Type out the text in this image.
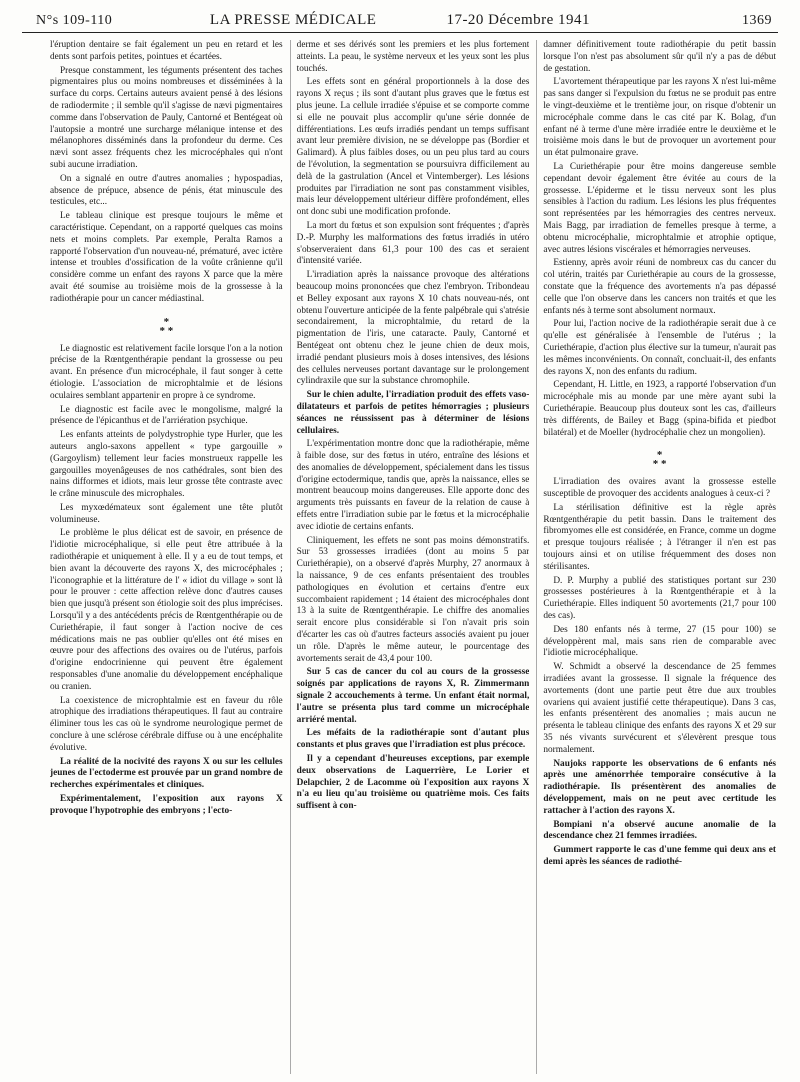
N°s 109-110	LA PRESSE MÉDICALE	17-20 Décembre 1941	1369

l'éruption dentaire se fait également un peu en retard et les dents sont parfois petites, pointues et écartées.

Presque constamment, les téguments présentent des taches pigmentaires plus ou moins nombreuses et disséminées à la surface du corps. Certains auteurs avaient pensé à des lésions de radiodermite ; il semble qu'il s'agisse de nævi pigmentaires comme dans l'observation de Pauly, Cantorné et Bentégeat où l'autopsie a montré une surcharge mélanique intense et des mélanophores disséminés dans la profondeur du derme. Ces nævi sont assez fréquents chez les microcéphales qui n'ont subi aucune irradiation.

On a signalé en outre d'autres anomalies ; hypospadias, absence de prépuce, absence de pénis, état minuscule des testicules, etc...

Le tableau clinique est presque toujours le même et caractéristique. Cependant, on a rapporté quelques cas moins nets et moins complets. Par exemple, Peralta Ramos a rapporté l'observation d'un nouveau-né, prématuré, avec ictère intense et troubles d'ossification de la voûte crânienne qu'il considère comme un enfant des rayons X parce que la mère avait été soumise au troisième mois de la grossesse à la radiothérapie pour un cancer médiastinal.

*
* *

Le diagnostic est relativement facile lorsque l'on a la notion précise de la Rœntgenthérapie pendant la grossesse ou peu avant. En présence d'un microcéphale, il faut songer à cette étiologie. L'association de microphtalmie et de lésions oculaires semblant appartenir en propre à ce syndrome.

Le diagnostic est facile avec le mongolisme, malgré la présence de l'épicanthus et de l'arriération psychique.

Les enfants atteints de polydystrophie type Hurler, que les auteurs anglo-saxons appellent « type gargouille » (Gargoylism) tellement leur facies monstrueux rappelle les gargouilles moyenâgeuses de nos cathédrales, sont bien des nains difformes et idiots, mais leur grosse tête contraste avec le crâne minuscule des microphales.

Les myxœdémateux sont également une tête plutôt volumineuse.

Le problème le plus délicat est de savoir, en présence de l'idiotie microcéphalique, si elle peut être attribuée à la radiothérapie et uniquement à elle. Il y a eu de tout temps, et bien avant la découverte des rayons X, des microcéphales ; l'iconographie et la littérature de l' « idiot du village » sont là pour le prouver : cette affection relève donc d'autres causes bien que jusqu'à présent son étiologie soit des plus imprécises. Lorsqu'il y a des antécédents précis de Rœntgenthérapie ou de Curiethérapie, il faut songer à l'action nocive de ces médications mais ne pas oublier qu'elles ont été mises en œuvre pour des affections des ovaires ou de l'utérus, parfois d'origine endocrinienne qui peuvent être également responsables d'une anomalie du développement encéphalique ou cranien.

La coexistence de microphtalmie est en faveur du rôle atrophique des irradiations thérapeutiques. Il faut au contraire éliminer tous les cas où le syndrome neurologique permet de conclure à une sclérose cérébrale diffuse ou à une encéphalite évolutive.

La réalité de la nocivité des rayons X ou sur les cellules jeunes de l'ectoderme est prouvée par un grand nombre de recherches expérimentales et cliniques.

Expérimentalement, l'exposition aux rayons X provoque l'hypotrophie des embryons ; l'ecto-

derme et ses dérivés sont les premiers et les plus fortement atteints. La peau, le système nerveux et les yeux sont les plus touchés.

Les effets sont en général proportionnels à la dose des rayons X reçus ; ils sont d'autant plus graves que le fœtus est plus jeune. La cellule irradiée s'épuise et se comporte comme si elle ne pouvait plus accomplir qu'une série donnée de différentiations. Les œufs irradiés pendant un temps suffisant avant leur première division, ne se développe pas (Bordier et Galimard). À plus faibles doses, ou un peu plus tard au cours de l'évolution, la segmentation se poursuivra difficilement au delà de la gastrulation (Ancel et Vintemberger). Les lésions produites par l'irradiation ne sont pas constamment visibles, mais leur développement ultérieur diffère profondément, elles ont donc subi une modification profonde.

La mort du fœtus et son expulsion sont fréquentes ; d'après D.-P. Murphy les malformations des fœtus irradiés in utéro s'observeraient dans 61,3 pour 100 des cas et seraient d'intensité variée.

L'irradiation après la naissance provoque des altérations beaucoup moins prononcées que chez l'embryon. Tribondeau et Belley exposant aux rayons X 10 chats nouveau-nés, ont obtenu l'ouverture anticipée de la fente palpébrale qui s'atrésie secondairement, la microphtalmie, du retard de la pigmentation de l'iris, une cataracte. Pauly, Cantorné et Bentégeat ont obtenu chez le jeune chien de deux mois, irradié pendant plusieurs mois à doses intensives, des lésions des cellules nerveuses portant davantage sur le prolongement cylindraxile que sur la substance chromophile.

Sur le chien adulte, l'irradiation produit des effets vaso-dilatateurs et parfois de petites hémorragies ; plusieurs séances ne réussissent pas à déterminer de lésions cellulaires.

L'expérimentation montre donc que la radiothérapie, même à faible dose, sur des fœtus in utéro, entraîne des lésions et des anomalies de développement, spécialement dans les tissus d'origine ectodermique, tandis que, après la naissance, elles se montrent beaucoup moins dangereuses. Elle apporte donc des arguments très puissants en faveur de la relation de cause à effets entre l'irradiation subie par le fœtus et la microcéphalie avec idiotie de certains enfants.

Cliniquement, les effets ne sont pas moins démonstratifs. Sur 53 grossesses irradiées (dont au moins 5 par Curiethérapie), on a observé d'après Murphy, 27 anormaux à la naissance, 9 de ces enfants présentaient des troubles pathologiques en évolution et certains d'entre eux succombaient rapidement ; 14 étaient des microcéphales dont 13 à la suite de Rœntgenthérapie. Le chiffre des anomalies serait encore plus considérable si l'on n'avait pris soin d'écarter les cas où d'autres facteurs associés avaient pu jouer un rôle. D'après le même auteur, le pourcentage des avortements serait de 43,4 pour 100.

Sur 5 cas de cancer du col au cours de la grossesse soignés par applications de rayons X, R. Zimmermann signale 2 accouchements à terme. Un enfant était normal, l'autre se présenta plus tard comme un microcéphale arriéré mental.

Les méfaits de la radiothérapie sont d'autant plus constants et plus graves que l'irradiation est plus précoce.

Il y a cependant d'heureuses exceptions, par exemple deux observations de Laquerrière, Le Lorier et Delapchier, 2 de Lacomme où l'exposition aux rayons X n'a eu lieu qu'au troisième ou quatrième mois. Ces faits suffisent à con-

damner définitivement toute radiothérapie du petit bassin lorsque l'on n'est pas absolument sûr qu'il n'y a pas de début de gestation.

L'avortement thérapeutique par les rayons X n'est lui-même pas sans danger si l'expulsion du fœtus ne se produit pas entre le vingt-deuxième et le trentième jour, on risque d'obtenir un microcéphale comme dans le cas cité par K. Bolag, d'un enfant né à terme d'une mère irradiée entre le deuxième et le troisième mois dans le but de provoquer un avortement pour un état pulmonaire grave.

La Curiethérapie pour être moins dangereuse semble cependant devoir également être évitée au cours de la grossesse. L'épiderme et le tissu nerveux sont les plus sensibles à l'action du radium. Les lésions les plus fréquentes sont représentées par les hémorragies des centres nerveux. Mais Bagg, par irradiation de femelles presque à terme, a obtenu microcéphalie, microphtalmie et atrophie optique, avec autres lésions viscérales et hémorragies nerveuses.

Estienny, après avoir réuni de nombreux cas du cancer du col utérin, traités par Curiethérapie au cours de la grossesse, constate que la fréquence des avortements n'a pas dépassé celle que l'on observe dans les cancers non traités et que les enfants nés à terme sont absolument normaux.

Pour lui, l'action nocive de la radiothérapie serait due à ce qu'elle est généralisée à l'ensemble de l'utérus ; la Curiethérapie, d'action plus élective sur la tumeur, n'aurait pas les mêmes inconvénients. On connaît, concluait-il, des enfants des rayons X, non des enfants du radium.

Cependant, H. Little, en 1923, a rapporté l'observation d'un microcéphale mis au monde par une mère ayant subi la Curiethérapie. Beaucoup plus douteux sont les cas, d'ailleurs très différents, de Bailey et Bagg (spina-bifida et piedbot bilatéral) et de Moeller (hydrocéphalie chez un mongolien).

*
* *

L'irradiation des ovaires avant la grossesse estelle susceptible de provoquer des accidents analogues à ceux-ci ?

La stérilisation définitive est la règle après Rœntgenthérapie du petit bassin. Dans le traitement des fibromyomes elle est considérée, en France, comme un dogme et presque toujours réalisée ; à l'étranger il n'en est pas toujours ainsi et on utilise fréquemment des doses non stérilisantes.

D. P. Murphy a publié des statistiques portant sur 230 grossesses postérieures à la Rœntgenthérapie et à la Curiethérapie. Elles indiquent 50 avortements (21,7 pour 100 des cas).

Des 180 enfants nés à terme, 27 (15 pour 100) se développèrent mal, mais sans rien de comparable avec l'idiotie microcéphalique.

W. Schmidt a observé la descendance de 25 femmes irradiées avant la grossesse. Il signale la fréquence des avortements (dont une partie peut être due aux troubles ovariens qui avaient justifié cette thérapeutique). Dans 3 cas, les enfants présentèrent des anomalies ; mais aucun ne présenta le tableau clinique des enfants des rayons X et 29 sur 35 nés vivants survécurent et s'élevèrent presque tous normalement.

Naujoks rapporte les observations de 6 enfants nés après une aménorrhée temporaire consécutive à la radiothérapie. Ils présentèrent des anomalies de développement, mais on ne peut avec certitude les rattacher à l'action des rayons X.

Bompiani n'a observé aucune anomalie de la descendance chez 21 femmes irradiées.

Gummert rapporte le cas d'une femme qui deux ans et demi après les séances de radiothé-
